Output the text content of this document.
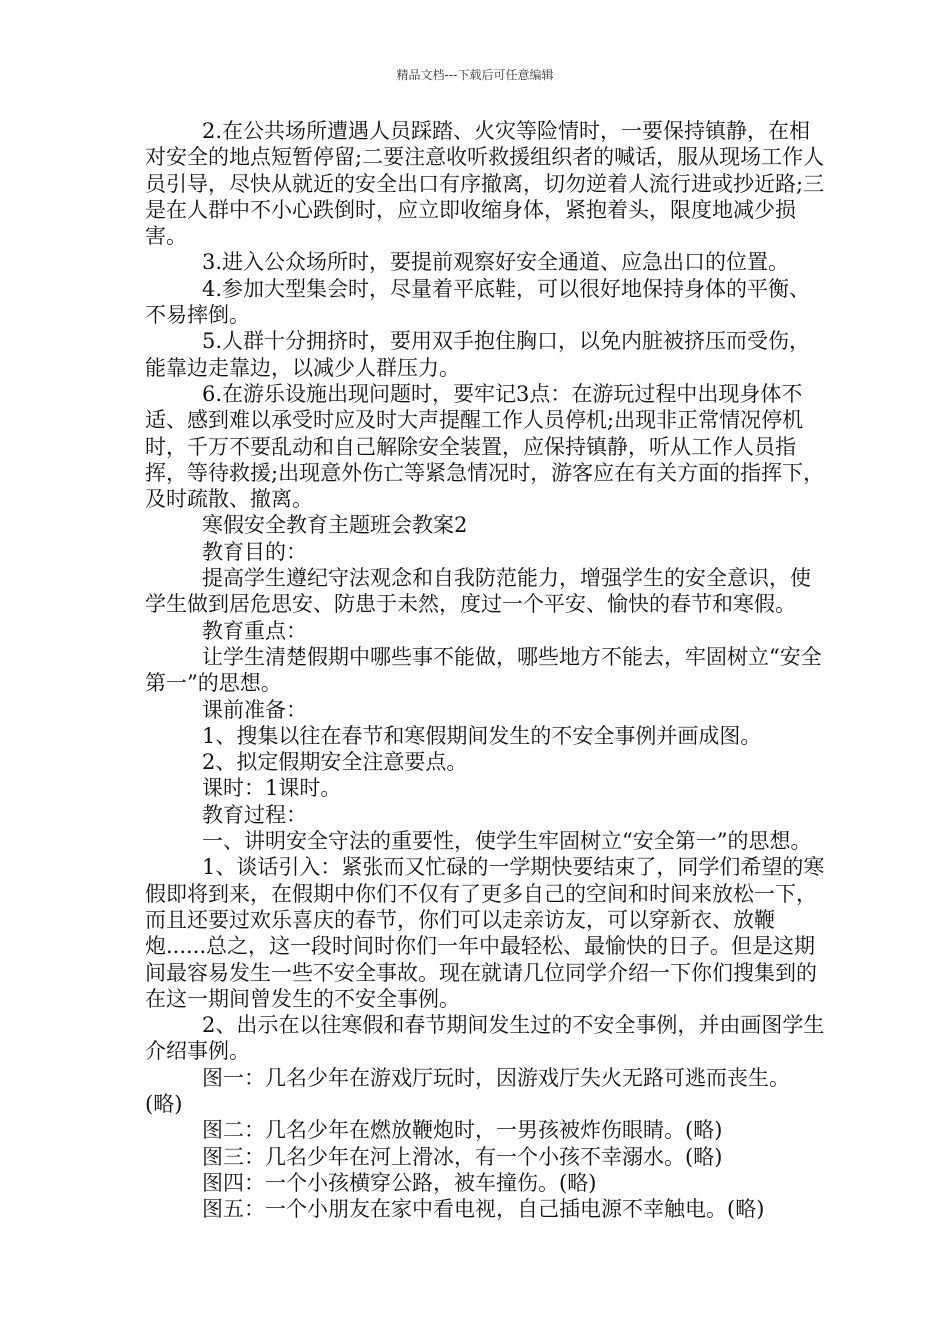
精品文档---下载后可任意编辑

2.在公共场所遭遇人员踩踏、火灾等险情时，一要保持镇静，在相对安全的地点短暂停留;二要注意收听救援组织者的喊话，服从现场工作人员引导，尽快从就近的安全出口有序撤离，切勿逆着人流行进或抄近路;三是在人群中不小心跌倒时，应立即收缩身体，紧抱着头，限度地减少损害。

3.进入公众场所时，要提前观察好安全通道、应急出口的位置。

4.参加大型集会时，尽量着平底鞋，可以很好地保持身体的平衡、不易摔倒。

5.人群十分拥挤时，要用双手抱住胸口，以免内脏被挤压而受伤，能靠边走靠边，以减少人群压力。

6.在游乐设施出现问题时，要牢记3点：在游玩过程中出现身体不适、感到难以承受时应及时大声提醒工作人员停机;出现非正常情况停机时，千万不要乱动和自己解除安全装置，应保持镇静，听从工作人员指挥，等待救援;出现意外伤亡等紧急情况时，游客应在有关方面的指挥下，及时疏散、撤离。

寒假安全教育主题班会教案2

教育目的：

提高学生遵纪守法观念和自我防范能力，增强学生的安全意识，使学生做到居危思安、防患于未然，度过一个平安、愉快的春节和寒假。

教育重点：

让学生清楚假期中哪些事不能做，哪些地方不能去，牢固树立“安全第一”的思想。

课前准备：

1、搜集以往在春节和寒假期间发生的不安全事例并画成图。

2、拟定假期安全注意要点。

课时：1课时。

教育过程：

一、讲明安全守法的重要性，使学生牢固树立“安全第一”的思想。

1、谈话引入：紧张而又忙碌的一学期快要结束了，同学们希望的寒假即将到来，在假期中你们不仅有了更多自己的空间和时间来放松一下，而且还要过欢乐喜庆的春节，你们可以走亲访友，可以穿新衣、放鞭炮......总之，这一段时间时你们一年中最轻松、最愉快的日子。但是这期间最容易发生一些不安全事故。现在就请几位同学介绍一下你们搜集到的在这一期间曾发生的不安全事例。

2、出示在以往寒假和春节期间发生过的不安全事例，并由画图学生介绍事例。

图一：几名少年在游戏厅玩时，因游戏厅失火无路可逃而丧生。(略)

图二：几名少年在燃放鞭炮时，一男孩被炸伤眼睛。(略)

图三：几名少年在河上滑冰，有一个小孩不幸溺水。(略)

图四：一个小孩横穿公路，被车撞伤。(略)

图五：一个小朋友在家中看电视，自己插电源不幸触电。(略)
